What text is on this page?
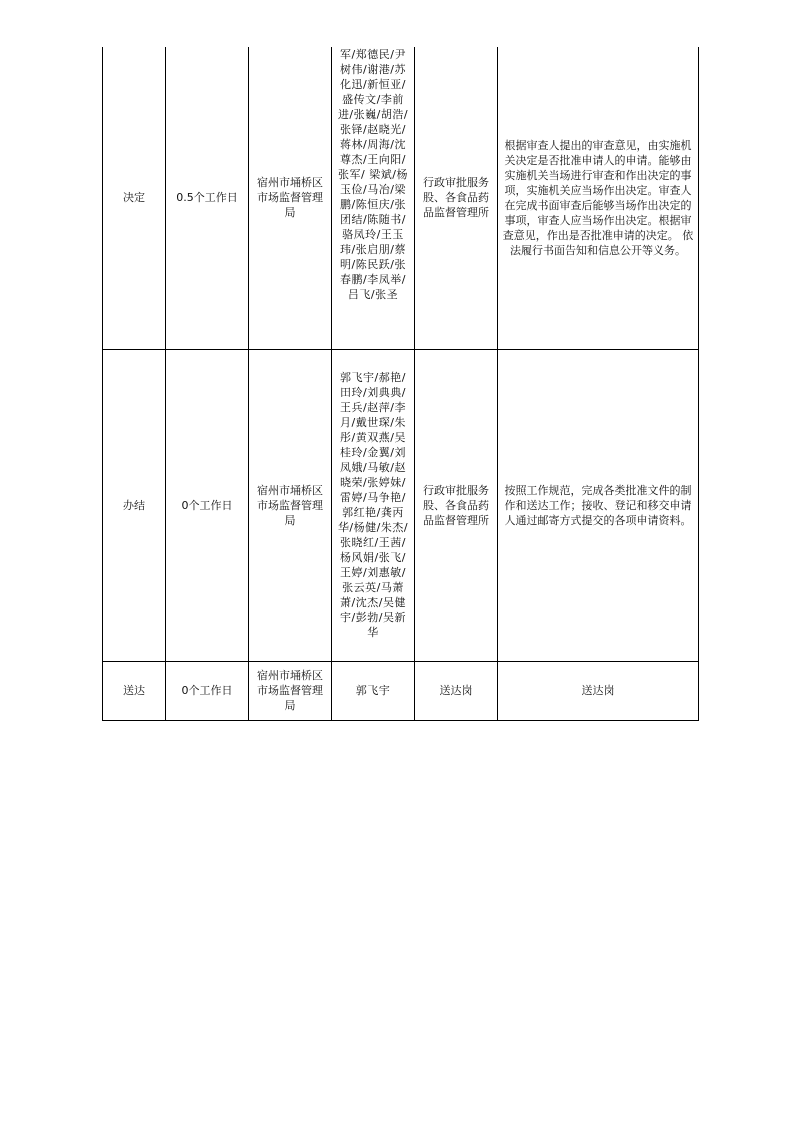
决定	0.5个工作日	宿州市埇桥区市场监督管理局	军/郑德民/尹树伟/谢港/苏化迅/新恒亚/盛传文/李前进/张巍/胡浩/张铎/赵晓光/蒋林/周海/沈尊杰/王向阳/张军/ 梁斌/杨玉俭/马冶/梁鹏/陈恒庆/张团结/陈随书/骆凤玲/王玉玮/张启朋/蔡明/陈民跃/张春鹏/李凤举/吕飞/张圣	行政审批服务股、各食品药品监督管理所	根据审查人提出的审查意见，由实施机关决定是否批准申请人的申请。能够由实施机关当场进行审查和作出决定的事项，实施机关应当场作出决定。审查人在完成书面审查后能够当场作出决定的事项，审查人应当场作出决定。根据审查意见，作出是否批准申请的决定。 依法履行书面告知和信息公开等义务。
办结	0个工作日	宿州市埇桥区市场监督管理局	郭飞宇/郝艳/田玲/刘典典/王兵/赵萍/李月/戴世琛/朱彤/黄双燕/吴桂玲/金翼/刘凤娥/马敏/赵晓荣/张婷妹/雷婷/马争艳/郭红艳/龚丙华/杨健/朱杰/张晓红/王茜/杨风娟/张飞/王婷/刘惠敏/张云英/马萧萧/沈杰/吴健宇/彭勃/吴新华	行政审批服务股、各食品药品监督管理所	按照工作规范，完成各类批准文件的制作和送达工作；接收、登记和移交申请人通过邮寄方式提交的各项申请资料。
送达	0个工作日	宿州市埇桥区市场监督管理局	郭飞宇	送达岗	送达岗
